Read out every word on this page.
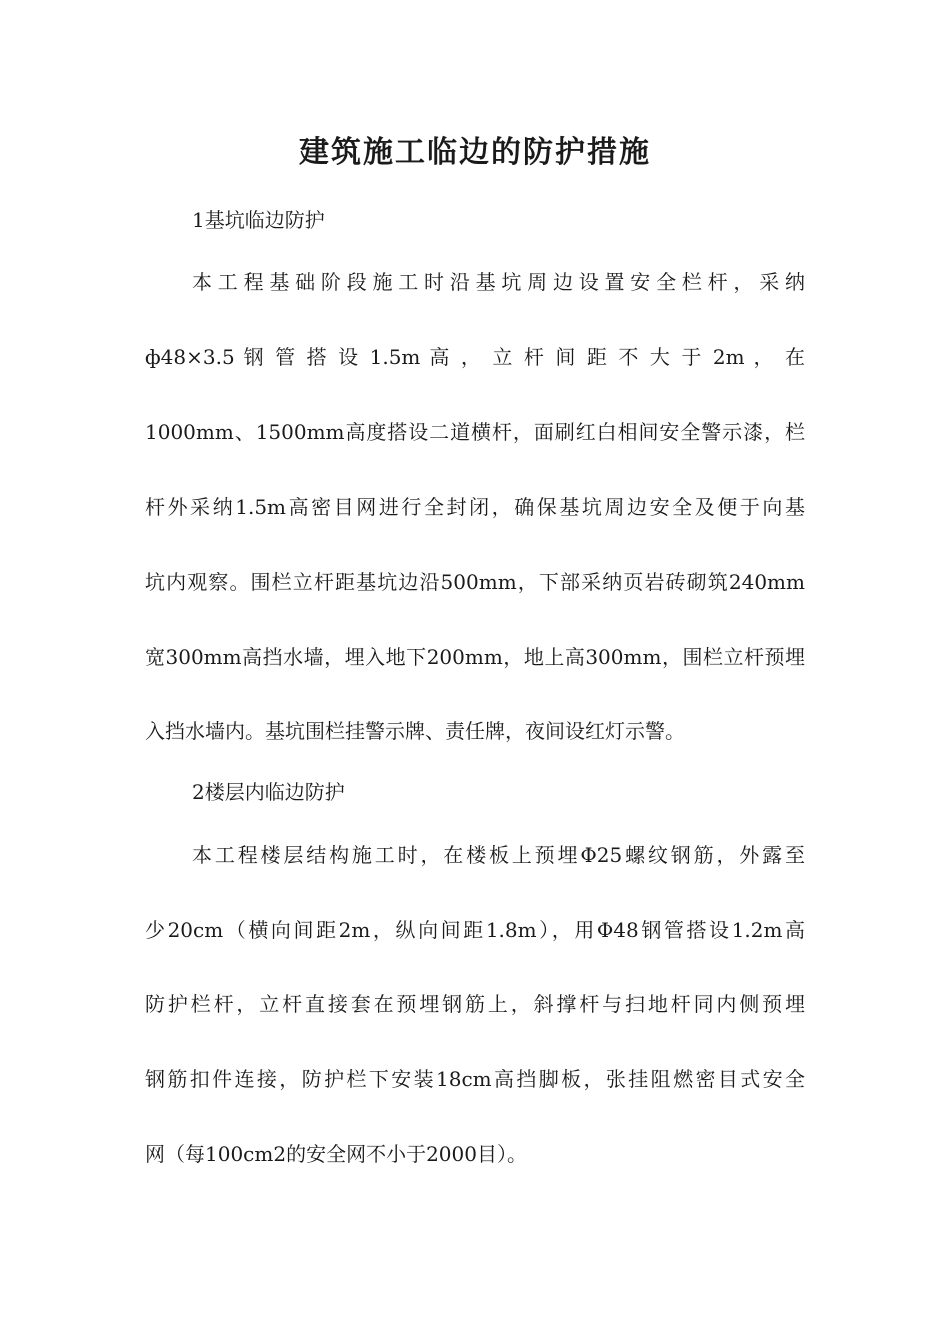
建筑施工临边的防护措施

1基坑临边防护

本工程基础阶段施工时沿基坑周边设置安全栏杆，采纳

ф48×3.5 钢 管 搭 设 1.5m 高 ， 立 杆 间 距 不 大 于 2m ， 在

1000mm、1500mm高度搭设二道横杆，面刷红白相间安全警示漆，栏

杆外采纳1.5m高密目网进行全封闭，确保基坑周边安全及便于向基

坑内观察。围栏立杆距基坑边沿500mm，下部采纳页岩砖砌筑240mm

宽300mm高挡水墙，埋入地下200mm，地上高300mm，围栏立杆预埋

入挡水墙内。基坑围栏挂警示牌、责任牌，夜间设红灯示警。

2楼层内临边防护

本工程楼层结构施工时，在楼板上预埋Φ25螺纹钢筋，外露至

少20cm（横向间距2m，纵向间距1.8m），用Φ48钢管搭设1.2m高

防护栏杆，立杆直接套在预埋钢筋上，斜撑杆与扫地杆同内侧预埋

钢筋扣件连接，防护栏下安装18cm高挡脚板，张挂阻燃密目式安全

网（每100cm2的安全网不小于2000目）。
